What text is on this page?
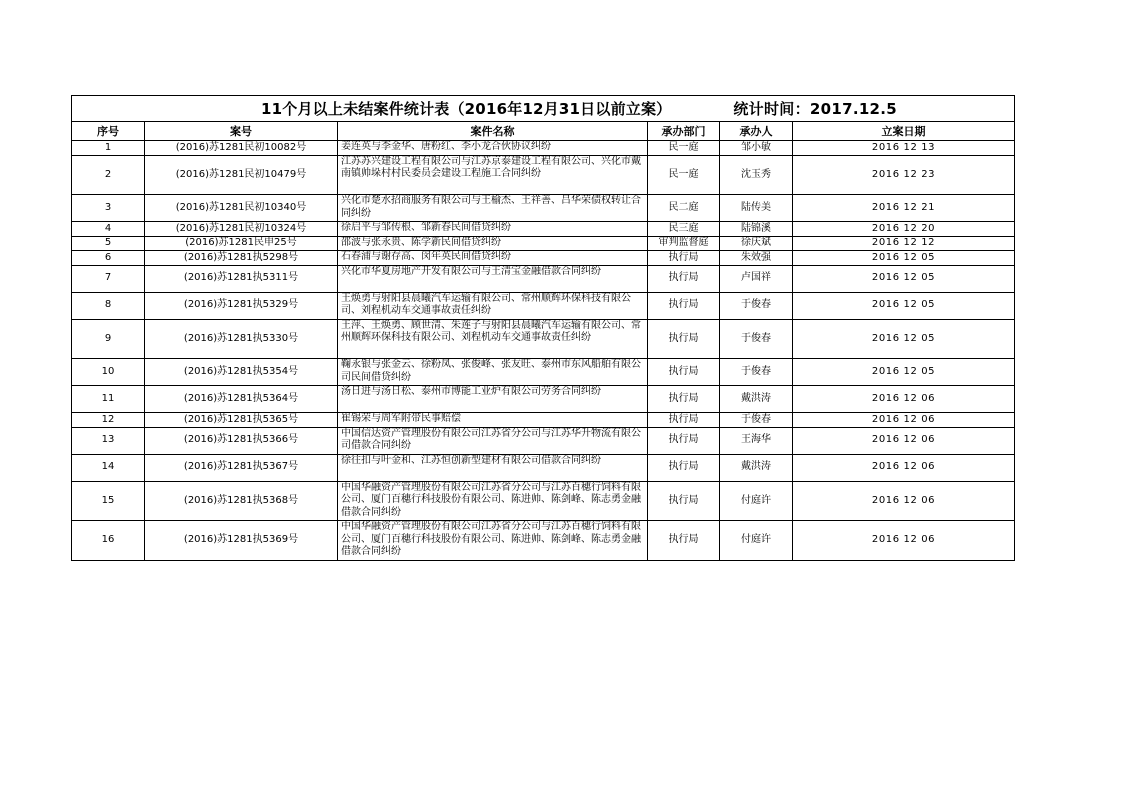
11个月以上未结案件统计表（2016年12月31日以前立案） 统计时间：2017.12.5					
序号	案号	案件名称	承办部门	承办人	立案日期
1	(2016)苏1281民初10082号	姜连英与李金华、唐粉红、李小龙合伙协议纠纷	民一庭	邹小敏	2016 12 13
2	(2016)苏1281民初10479号	江苏苏兴建设工程有限公司与江苏京泰建设工程有限公司、兴化市戴南镇帅垛村村民委员会建设工程施工合同纠纷	民一庭	沈玉秀	2016 12 23
3	(2016)苏1281民初10340号	兴化市楚水招商服务有限公司与王榆杰、王祥善、吕华荣债权转让合同纠纷	民二庭	陆传美	2016 12 21
4	(2016)苏1281民初10324号	徐启平与邹传根、邹新春民间借贷纠纷	民三庭	陆锦溪	2016 12 20
5	(2016)苏1281民申25号	邵波与张永贵、陈学新民间借贷纠纷	审判监督庭	徐庆斌	2016 12 12
6	(2016)苏1281执5298号	石春浦与谢存高、闵年英民间借贷纠纷	执行局	朱效强	2016 12 05
7	(2016)苏1281执5311号	兴化市华夏房地产开发有限公司与王清宝金融借款合同纠纷	执行局	卢国祥	2016 12 05
8	(2016)苏1281执5329号	王焕勇与射阳县晨曦汽车运输有限公司、常州顺辉环保科技有限公司、刘程机动车交通事故责任纠纷	执行局	于俊春	2016 12 05
9	(2016)苏1281执5330号	王萍、王焕勇、顾世清、朱莲子与射阳县晨曦汽车运输有限公司、常州顺辉环保科技有限公司、刘程机动车交通事故责任纠纷	执行局	于俊春	2016 12 05
10	(2016)苏1281执5354号	鞠永银与张金云、徐粉凤、张俊峰、张友旺、泰州市东风船舶有限公司民间借贷纠纷	执行局	于俊春	2016 12 05
11	(2016)苏1281执5364号	汤日进与汤日松、泰州市博能工业炉有限公司劳务合同纠纷	执行局	戴洪涛	2016 12 06
12	(2016)苏1281执5365号	崔锡荣与周军附带民事赔偿	执行局	于俊春	2016 12 06
13	(2016)苏1281执5366号	中国信达资产管理股份有限公司江苏省分公司与江苏华升物流有限公司借款合同纠纷	执行局	王海华	2016 12 06
14	(2016)苏1281执5367号	徐往扣与叶金和、江苏恒创新型建材有限公司借款合同纠纷	执行局	戴洪涛	2016 12 06
15	(2016)苏1281执5368号	中国华融资产管理股份有限公司江苏省分公司与江苏百穗行饲料有限公司、厦门百穗行科技股份有限公司、陈进帅、陈剑峰、陈志勇金融借款合同纠纷	执行局	付庭许	2016 12 06
16	(2016)苏1281执5369号	中国华融资产管理股份有限公司江苏省分公司与江苏百穗行饲料有限公司、厦门百穗行科技股份有限公司、陈进帅、陈剑峰、陈志勇金融借款合同纠纷	执行局	付庭许	2016 12 06
